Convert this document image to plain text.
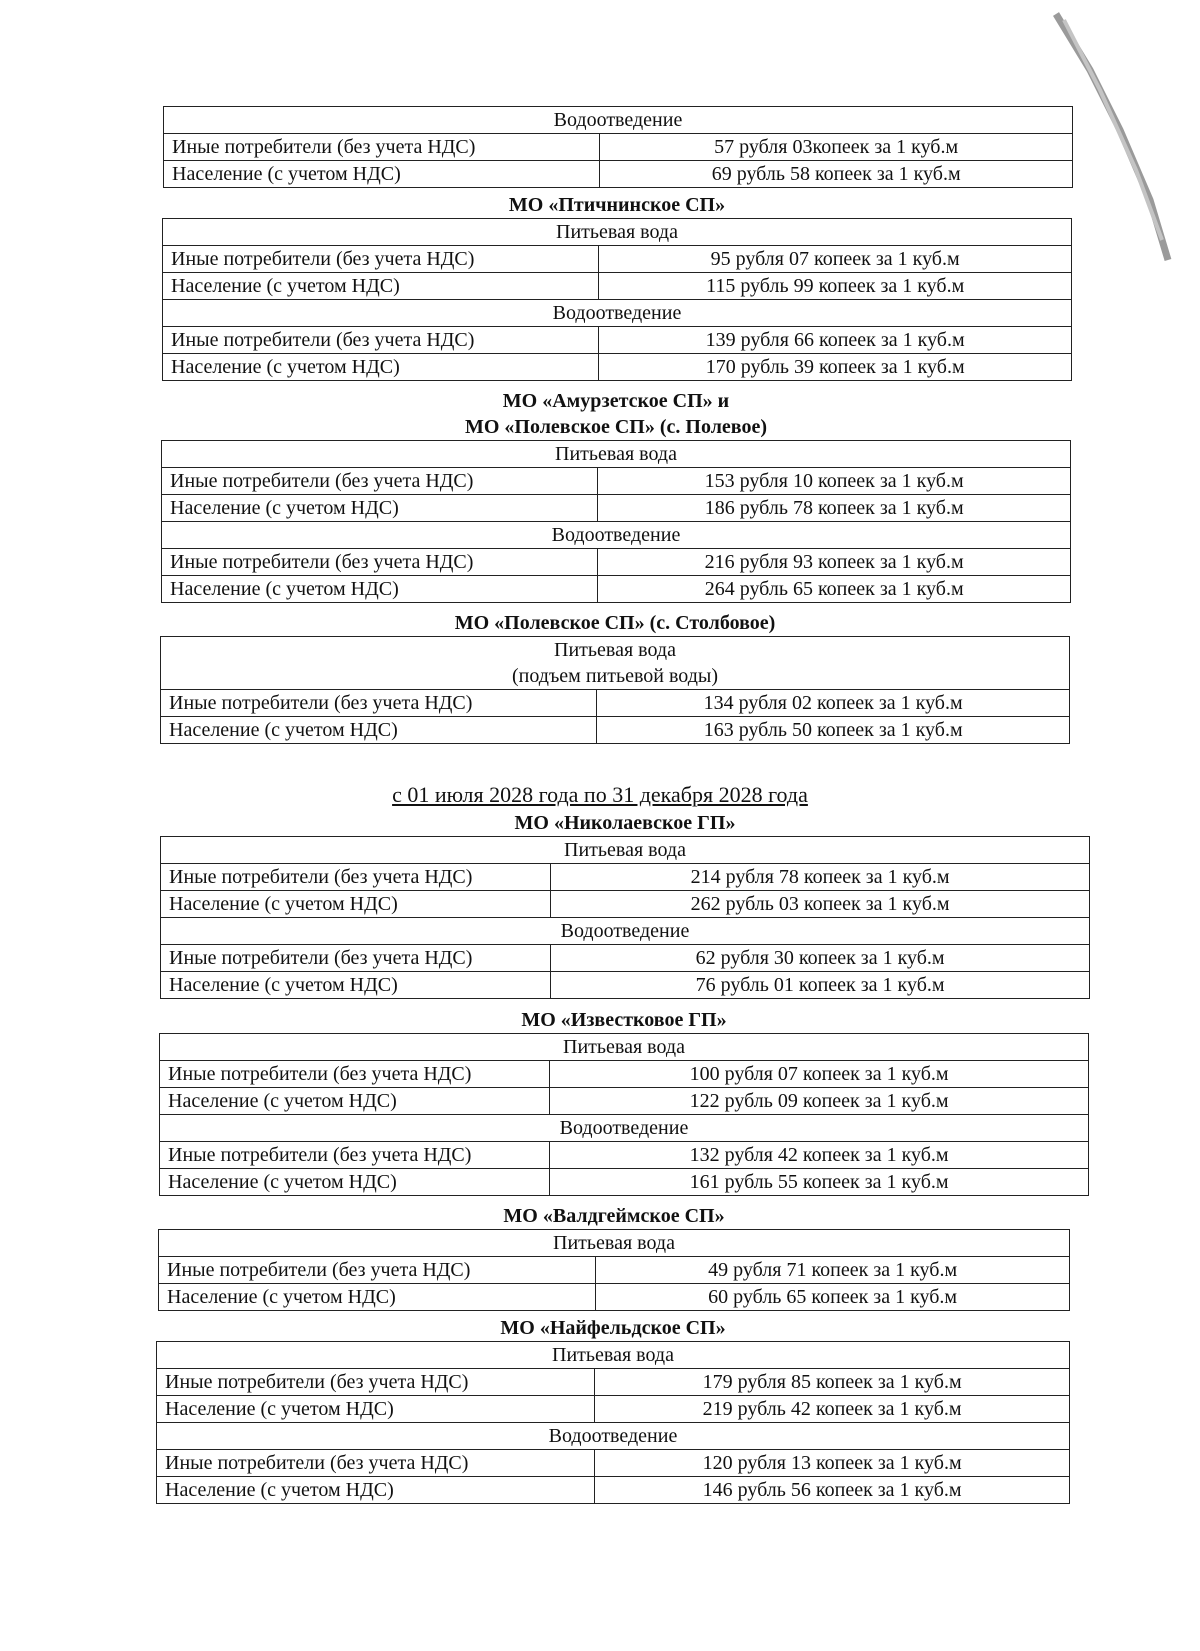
Водоотведение	
Иные потребители (без учета НДС)	57 рубля 03копеек за 1 куб.м
Население (с учетом НДС)	69 рубль 58 копеек за 1 куб.м
МО «Птичнинское СП»
Питьевая вода	
Иные потребители (без учета НДС)	95 рубля 07 копеек за 1 куб.м
Население (с учетом НДС)	115 рубль 99 копеек за 1 куб.м
Водоотведение	
Иные потребители (без учета НДС)	139 рубля 66 копеек за 1 куб.м
Население (с учетом НДС)	170 рубль 39 копеек за 1 куб.м
МО «Амурзетское СП» и
МО «Полевское СП» (с. Полевое)
Питьевая вода	
Иные потребители (без учета НДС)	153 рубля 10 копеек за 1 куб.м
Население (с учетом НДС)	186 рубль 78 копеек за 1 куб.м
Водоотведение	
Иные потребители (без учета НДС)	216 рубля 93 копеек за 1 куб.м
Население (с учетом НДС)	264 рубль 65 копеек за 1 куб.м
МО «Полевское СП» (с. Столбовое)
Питьевая вода	
(подъем питьевой воды)	
Иные потребители (без учета НДС)	134 рубля 02 копеек за 1 куб.м
Население (с учетом НДС)	163 рубль 50 копеек за 1 куб.м
с 01 июля 2028 года по 31 декабря 2028 года
МО «Николаевское ГП»
Питьевая вода	
Иные потребители (без учета НДС)	214 рубля 78 копеек за 1 куб.м
Население (с учетом НДС)	262 рубль 03 копеек за 1 куб.м
Водоотведение	
Иные потребители (без учета НДС)	62 рубля 30 копеек за 1 куб.м
Население (с учетом НДС)	76 рубль 01 копеек за 1 куб.м
МО «Известковое ГП»
Питьевая вода	
Иные потребители (без учета НДС)	100 рубля 07 копеек за 1 куб.м
Население (с учетом НДС)	122 рубль 09 копеек за 1 куб.м
Водоотведение	
Иные потребители (без учета НДС)	132 рубля 42 копеек за 1 куб.м
Население (с учетом НДС)	161 рубль 55 копеек за 1 куб.м
МО «Валдгеймское СП»
Питьевая вода	
Иные потребители (без учета НДС)	49 рубля 71 копеек за 1 куб.м
Население (с учетом НДС)	60 рубль 65 копеек за 1 куб.м
МО «Найфельдское СП»
Питьевая вода	
Иные потребители (без учета НДС)	179 рубля 85 копеек за 1 куб.м
Население (с учетом НДС)	219 рубль 42 копеек за 1 куб.м
Водоотведение	
Иные потребители (без учета НДС)	120 рубля 13 копеек за 1 куб.м
Население (с учетом НДС)	146 рубль 56 копеек за 1 куб.м
